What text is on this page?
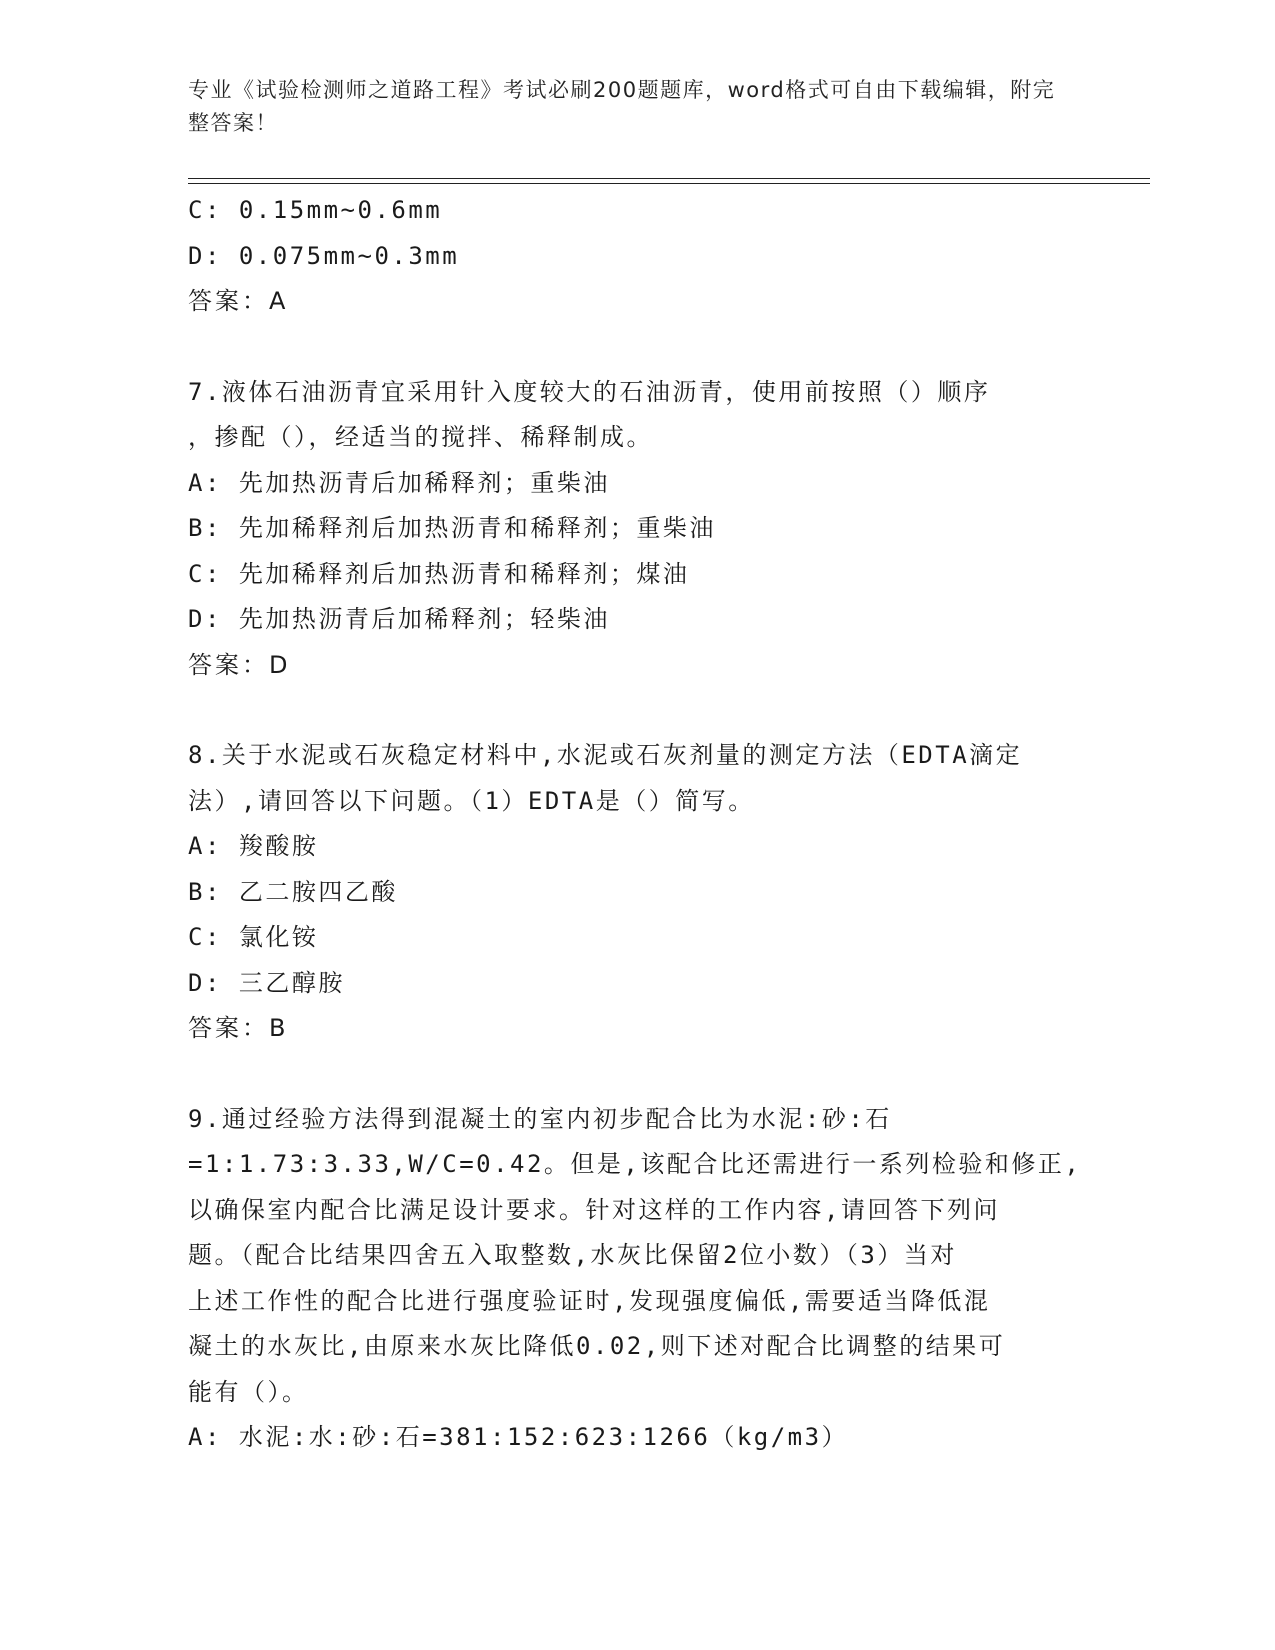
专业《试验检测师之道路工程》考试必刷200题题库，word格式可自由下载编辑，附完整答案！

C: 0.15mm~0.6mm

D: 0.075mm~0.3mm

答案：A

7.液体石油沥青宜采用针入度较大的石油沥青，使用前按照（）顺序

，掺配（），经适当的搅拌、稀释制成。

A: 先加热沥青后加稀释剂；重柴油

B: 先加稀释剂后加热沥青和稀释剂；重柴油

C: 先加稀释剂后加热沥青和稀释剂；煤油

D: 先加热沥青后加稀释剂；轻柴油

答案：D

8.关于水泥或石灰稳定材料中,水泥或石灰剂量的测定方法（EDTA滴定

法）,请回答以下问题。（1）EDTA是（）简写。

A: 羧酸胺

B: 乙二胺四乙酸

C: 氯化铵

D: 三乙醇胺

答案：B

9.通过经验方法得到混凝土的室内初步配合比为水泥:砂:石

=1:1.73:3.33,W/C=0.42。但是,该配合比还需进行一系列检验和修正,

以确保室内配合比满足设计要求。针对这样的工作内容,请回答下列问

题。（配合比结果四舍五入取整数,水灰比保留2位小数）（3）当对

上述工作性的配合比进行强度验证时,发现强度偏低,需要适当降低混

凝土的水灰比,由原来水灰比降低0.02,则下述对配合比调整的结果可

能有（）。

A: 水泥:水:砂:石=381:152:623:1266（kg/m3）
